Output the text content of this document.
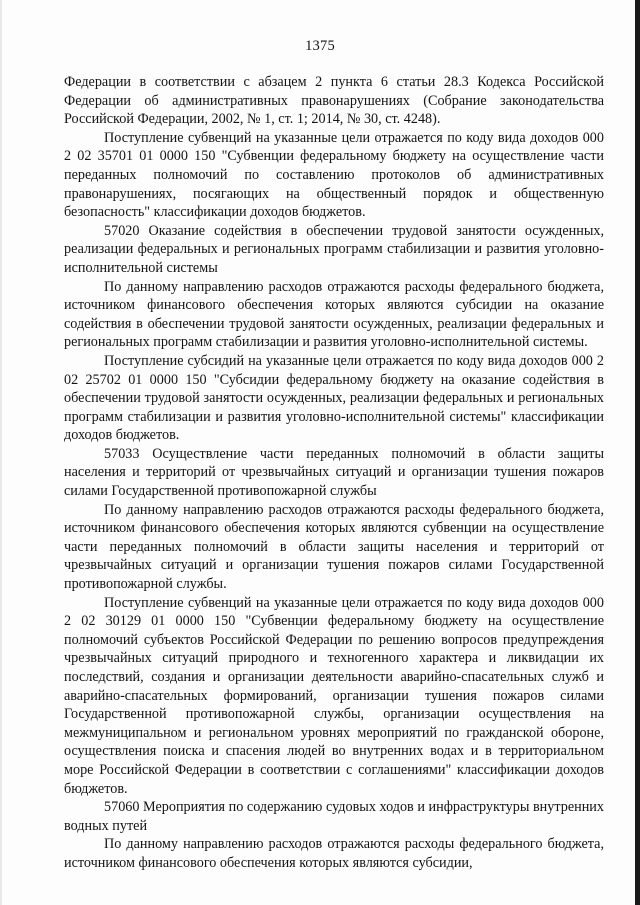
1375

Федерации в соответствии с абзацем 2 пункта 6 статьи 28.3 Кодекса Российской Федерации об административных правонарушениях (Собрание законодательства Российской Федерации, 2002, № 1, ст. 1; 2014, № 30, ст. 4248).

Поступление субвенций на указанные цели отражается по коду вида доходов 000 2 02 35701 01 0000 150 "Субвенции федеральному бюджету на осуществление части переданных полномочий по составлению протоколов об административных правонарушениях, посягающих на общественный порядок и общественную безопасность" классификации доходов бюджетов.

57020 Оказание содействия в обеспечении трудовой занятости осужденных, реализации федеральных и региональных программ стабилизации и развития уголовно-исполнительной системы

По данному направлению расходов отражаются расходы федерального бюджета, источником финансового обеспечения которых являются субсидии на оказание содействия в обеспечении трудовой занятости осужденных, реализации федеральных и региональных программ стабилизации и развития уголовно-исполнительной системы.

Поступление субсидий на указанные цели отражается по коду вида доходов 000 2 02 25702 01 0000 150 "Субсидии федеральному бюджету на оказание содействия в обеспечении трудовой занятости осужденных, реализации федеральных и региональных программ стабилизации и развития уголовно-исполнительной системы" классификации доходов бюджетов.

57033 Осуществление части переданных полномочий в области защиты населения и территорий от чрезвычайных ситуаций и организации тушения пожаров силами Государственной противопожарной службы

По данному направлению расходов отражаются расходы федерального бюджета, источником финансового обеспечения которых являются субвенции на осуществление части переданных полномочий в области защиты населения и территорий от чрезвычайных ситуаций и организации тушения пожаров силами Государственной противопожарной службы.

Поступление субвенций на указанные цели отражается по коду вида доходов 000 2 02 30129 01 0000 150 "Субвенции федеральному бюджету на осуществление полномочий субъектов Российской Федерации по решению вопросов предупреждения чрезвычайных ситуаций природного и техногенного характера и ликвидации их последствий, создания и организации деятельности аварийно-спасательных служб и аварийно-спасательных формирований, организации тушения пожаров силами Государственной противопожарной службы, организации осуществления на межмуниципальном и региональном уровнях мероприятий по гражданской обороне, осуществления поиска и спасения людей во внутренних водах и в территориальном море Российской Федерации в соответствии с соглашениями" классификации доходов бюджетов.

57060 Мероприятия по содержанию судовых ходов и инфраструктуры внутренних водных путей

По данному направлению расходов отражаются расходы федерального бюджета, источником финансового обеспечения которых являются субсидии,
